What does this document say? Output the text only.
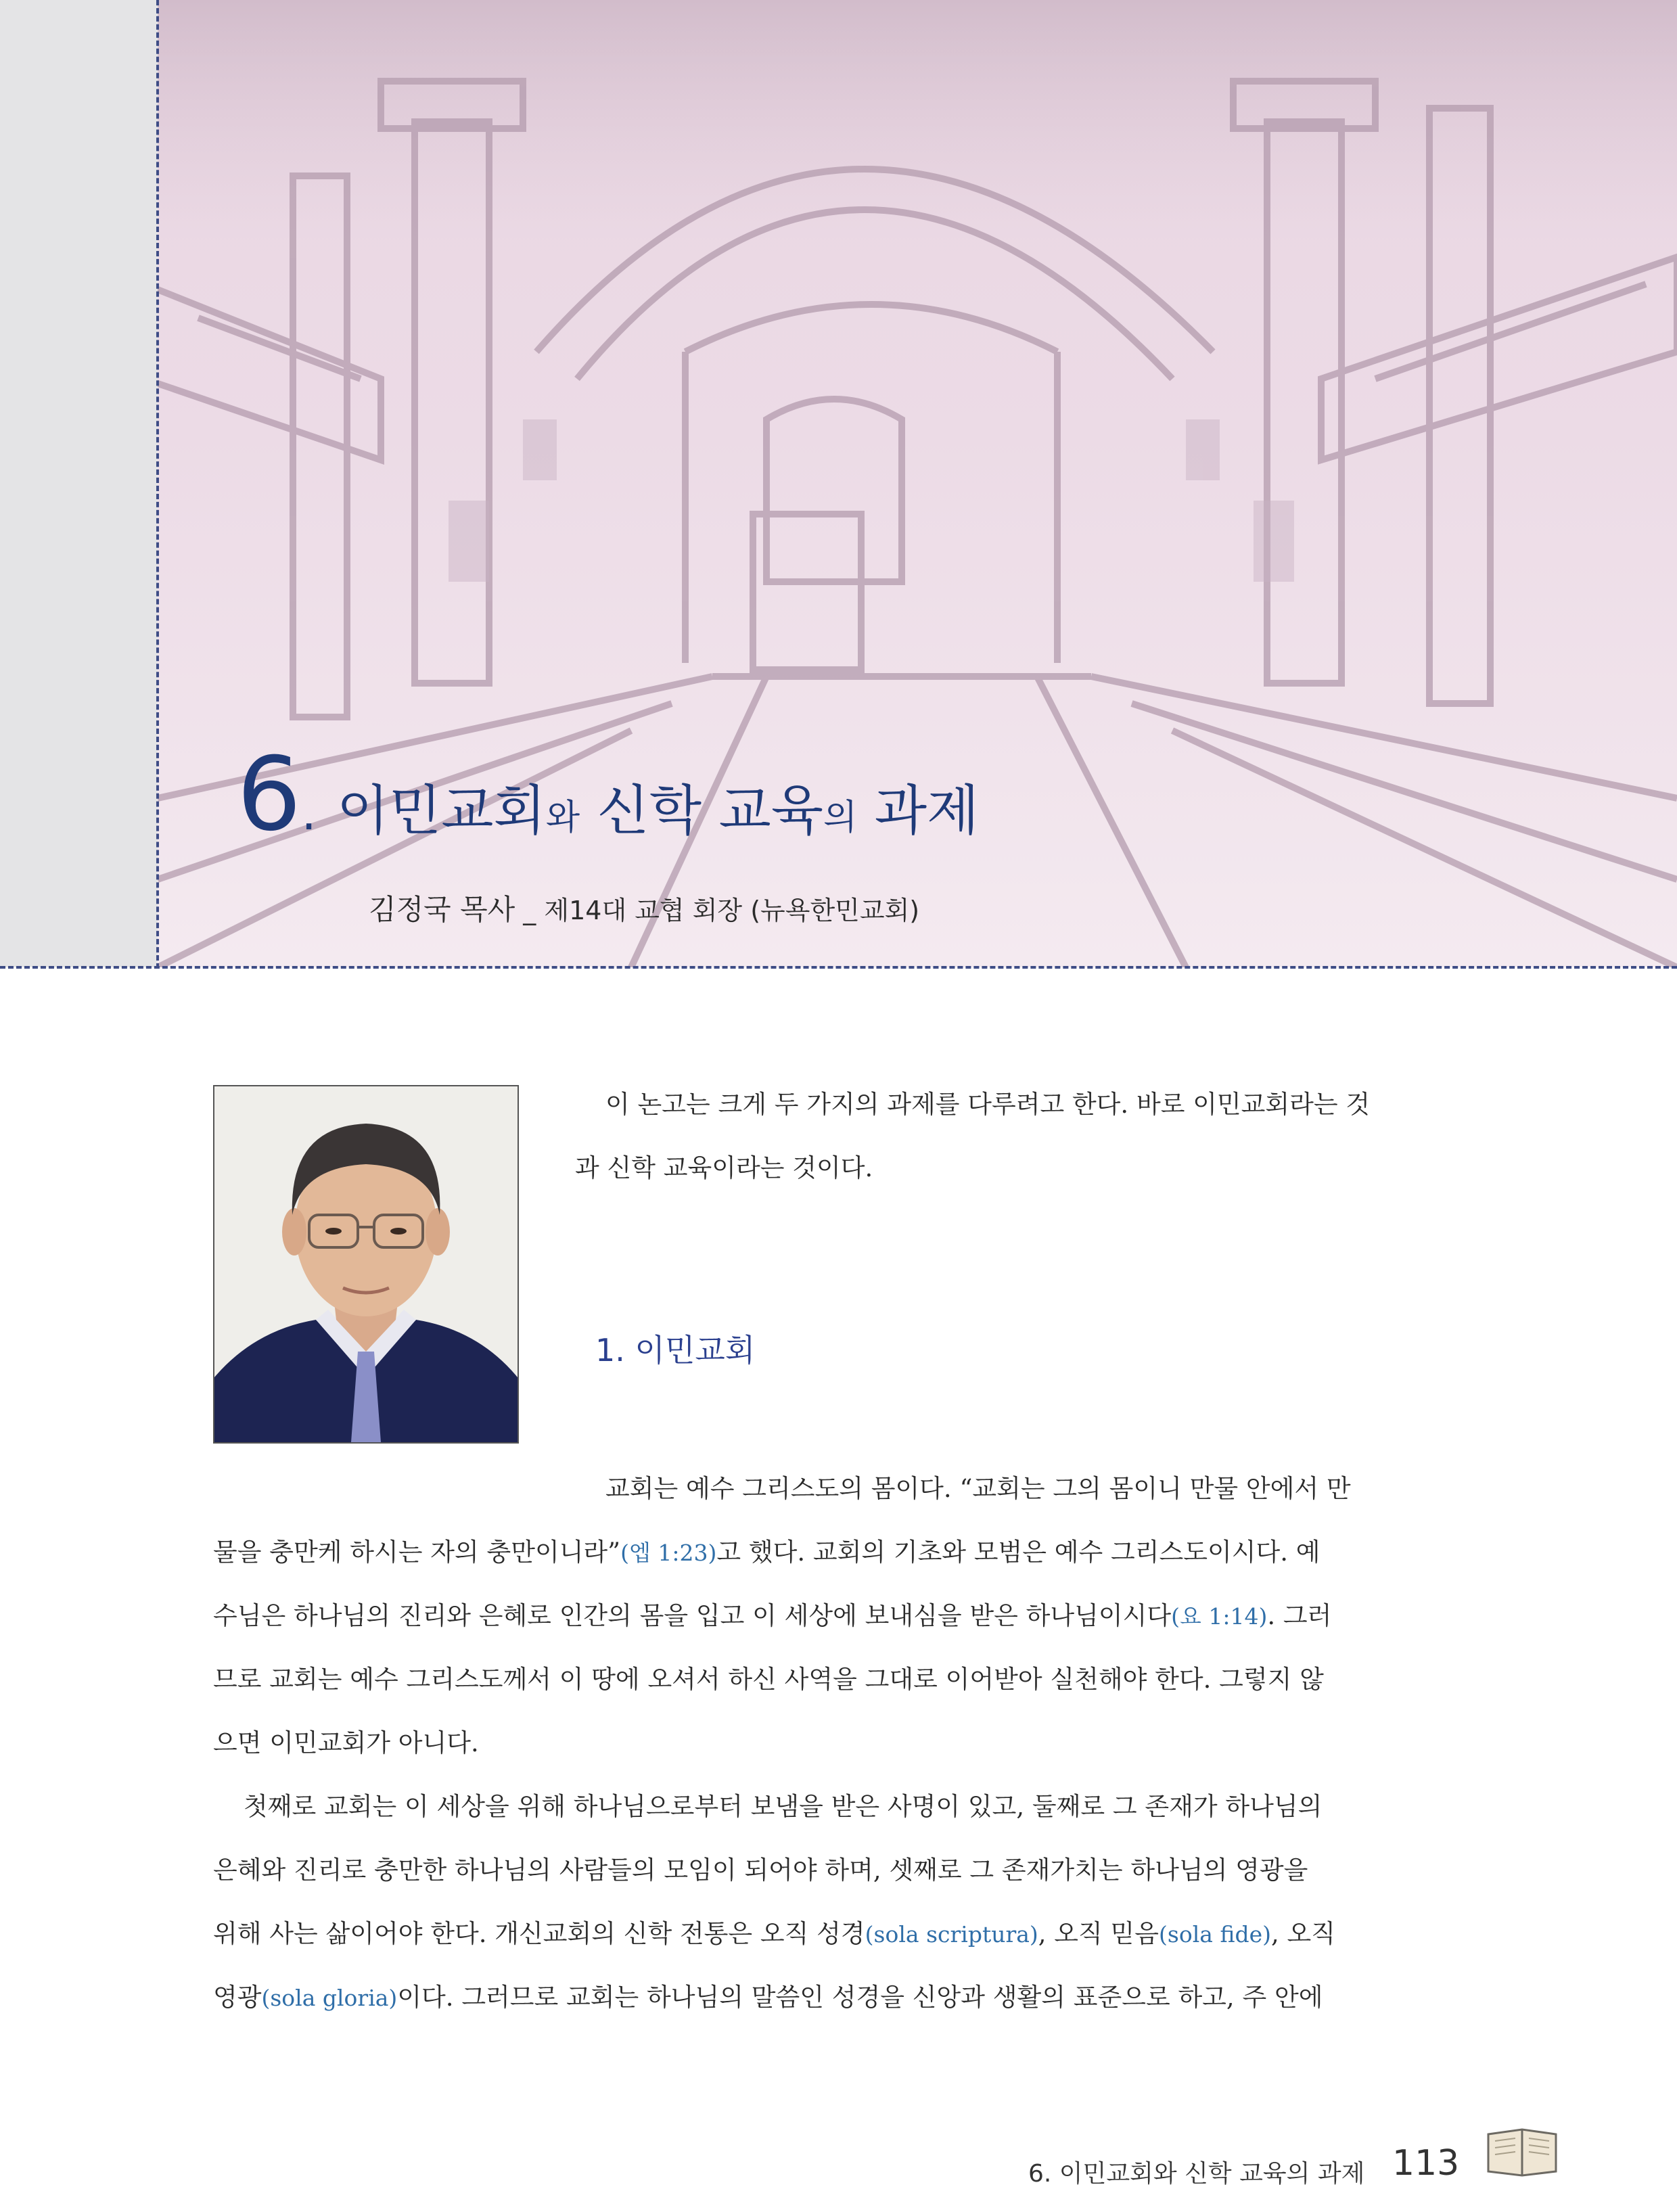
6 . 이민교회와 신학 교육의 과제
김정국 목사 _ 제14대 교협 회장 (뉴욕한민교회)
이 논고는 크게 두 가지의 과제를 다루려고 한다. 바로 이민교회라는 것
과 신학 교육이라는 것이다.
1. 이민교회
교회는 예수 그리스도의 몸이다. “교회는 그의 몸이니 만물 안에서 만
물을 충만케 하시는 자의 충만이니라”(엡 1:23)고 했다. 교회의 기초와 모범은 예수 그리스도이시다. 예
수님은 하나님의 진리와 은혜로 인간의 몸을 입고 이 세상에 보내심을 받은 하나님이시다(요 1:14). 그러
므로 교회는 예수 그리스도께서 이 땅에 오셔서 하신 사역을 그대로 이어받아 실천해야 한다. 그렇지 않
으면 이민교회가 아니다.
첫째로 교회는 이 세상을 위해 하나님으로부터 보냄을 받은 사명이 있고, 둘째로 그 존재가 하나님의
은혜와 진리로 충만한 하나님의 사람들의 모임이 되어야 하며, 셋째로 그 존재가치는 하나님의 영광을
위해 사는 삶이어야 한다. 개신교회의 신학 전통은 오직 성경(sola scriptura), 오직 믿음(sola fide), 오직
영광(sola gloria)이다. 그러므로 교회는 하나님의 말씀인 성경을 신앙과 생활의 표준으로 하고, 주 안에
6. 이민교회와 신학 교육의 과제 113
